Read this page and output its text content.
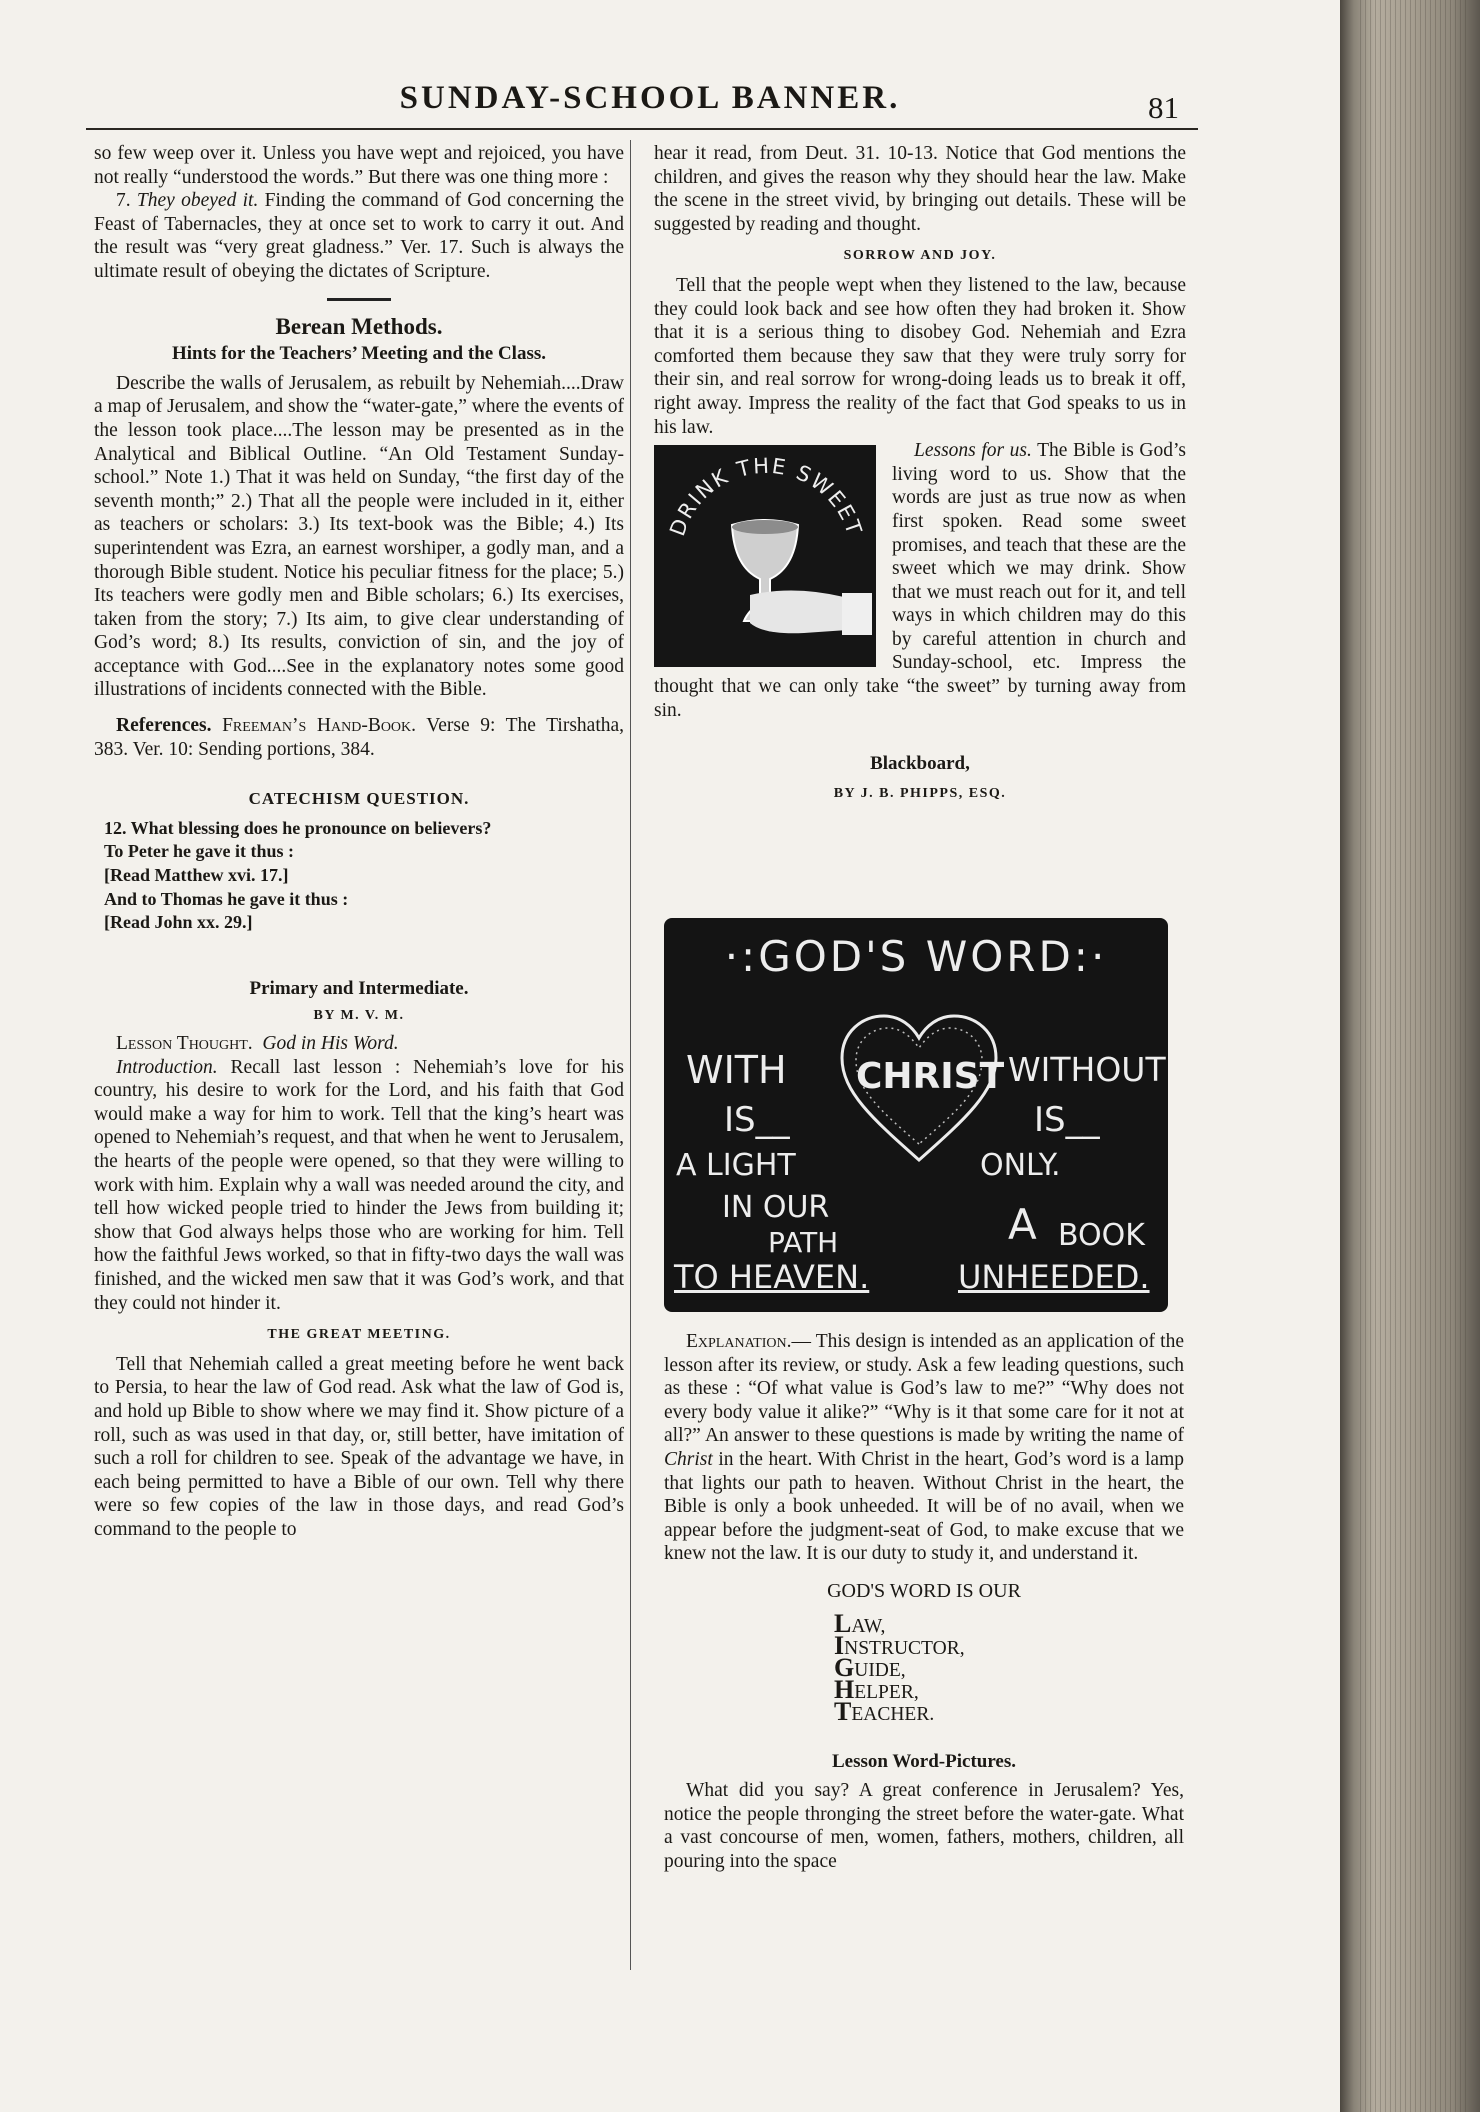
SUNDAY-SCHOOL BANNER.	81

so few weep over it. Unless you have wept and rejoiced, you have not really “understood the words.” But there was one thing more :

7. They obeyed it. Finding the command of God concerning the Feast of Tabernacles, they at once set to work to carry it out. And the result was “very great gladness.” Ver. 17. Such is always the ultimate result of obeying the dictates of Scripture.

Berean Methods.
Hints for the Teachers’ Meeting and the Class.

Describe the walls of Jerusalem, as rebuilt by Nehemiah....Draw a map of Jerusalem, and show the “water-gate,” where the events of the lesson took place....The lesson may be presented as in the Analytical and Biblical Outline. “An Old Testament Sunday-school.” Note 1.) That it was held on Sunday, “the first day of the seventh month;” 2.) That all the people were included in it, either as teachers or scholars: 3.) Its text-book was the Bible; 4.) Its superintendent was Ezra, an earnest worshiper, a godly man, and a thorough Bible student. Notice his peculiar fitness for the place; 5.) Its teachers were godly men and Bible scholars; 6.) Its exercises, taken from the story; 7.) Its aim, to give clear understanding of God’s word; 8.) Its results, conviction of sin, and the joy of acceptance with God....See in the explanatory notes some good illustrations of incidents connected with the Bible.

References. Freeman’s Hand-Book. Verse 9: The Tirshatha, 383. Ver. 10: Sending portions, 384.

CATECHISM QUESTION.
12. What blessing does he pronounce on believers?
To Peter he gave it thus :
[Read Matthew xvi. 17.]
And to Thomas he gave it thus :
[Read John xx. 29.]
Primary and Intermediate.
BY M. V. M.

Lesson Thought. God in His Word.

Introduction. Recall last lesson : Nehemiah’s love for his country, his desire to work for the Lord, and his faith that God would make a way for him to work. Tell that the king’s heart was opened to Nehemiah’s request, and that when he went to Jerusalem, the hearts of the people were opened, so that they were willing to work with him. Explain why a wall was needed around the city, and tell how wicked people tried to hinder the Jews from building it; show that God always helps those who are working for him. Tell how the faithful Jews worked, so that in fifty-two days the wall was finished, and the wicked men saw that it was God’s work, and that they could not hinder it.

THE GREAT MEETING.

Tell that Nehemiah called a great meeting before he went back to Persia, to hear the law of God read. Ask what the law of God is, and hold up Bible to show where we may find it. Show picture of a roll, such as was used in that day, or, still better, have imitation of such a roll for children to see. Speak of the advantage we have, in each being permitted to have a Bible of our own. Tell why there were so few copies of the law in those days, and read God’s command to the people to

hear it read, from Deut. 31. 10-13. Notice that God mentions the children, and gives the reason why they should hear the law. Make the scene in the street vivid, by bringing out details. These will be suggested by reading and thought.

SORROW AND JOY.

Tell that the people wept when they listened to the law, because they could look back and see how often they had broken it. Show that it is a serious thing to disobey God. Nehemiah and Ezra comforted them because they saw that they were truly sorry for their sin, and real sorrow for wrong-doing leads us to break it off, right away. Impress the reality of the fact that God speaks to us in his law.

DRINK THE SWEET

Lessons for us. The Bible is God’s living word to us. Show that the words are just as true now as when first spoken. Read some sweet promises, and teach that these are the sweet which we may drink. Show that we must reach out for it, and tell ways in which children may do this by careful attention in church and Sunday-school, etc. Impress the thought that we can only take “the sweet” by turning away from sin.

Blackboard,
BY J. B. PHIPPS, ESQ.
·:GOD'S WORD:·
CHRIST
WITH	WITHOUT
IS__	IS__
A LIGHT
IN OUR
PATH
TO HEAVEN.
ONLY.
A BOOK
UNHEEDED.

Explanation.— This design is intended as an application of the lesson after its review, or study. Ask a few leading questions, such as these : “Of what value is God’s law to me?” “Why does not every body value it alike?” “Why is it that some care for it not at all?” An answer to these questions is made by writing the name of Christ in the heart. With Christ in the heart, God’s word is a lamp that lights our path to heaven. Without Christ in the heart, the Bible is only a book unheeded. It will be of no avail, when we appear before the judgment-seat of God, to make excuse that we knew not the law. It is our duty to study it, and understand it.

GOD'S WORD IS OUR
LAW,
INSTRUCTOR,
GUIDE,
HELPER,
TEACHER.
Lesson Word-Pictures.

What did you say? A great conference in Jerusalem? Yes, notice the people thronging the street before the water-gate. What a vast concourse of men, women, fathers, mothers, children, all pouring into the space
